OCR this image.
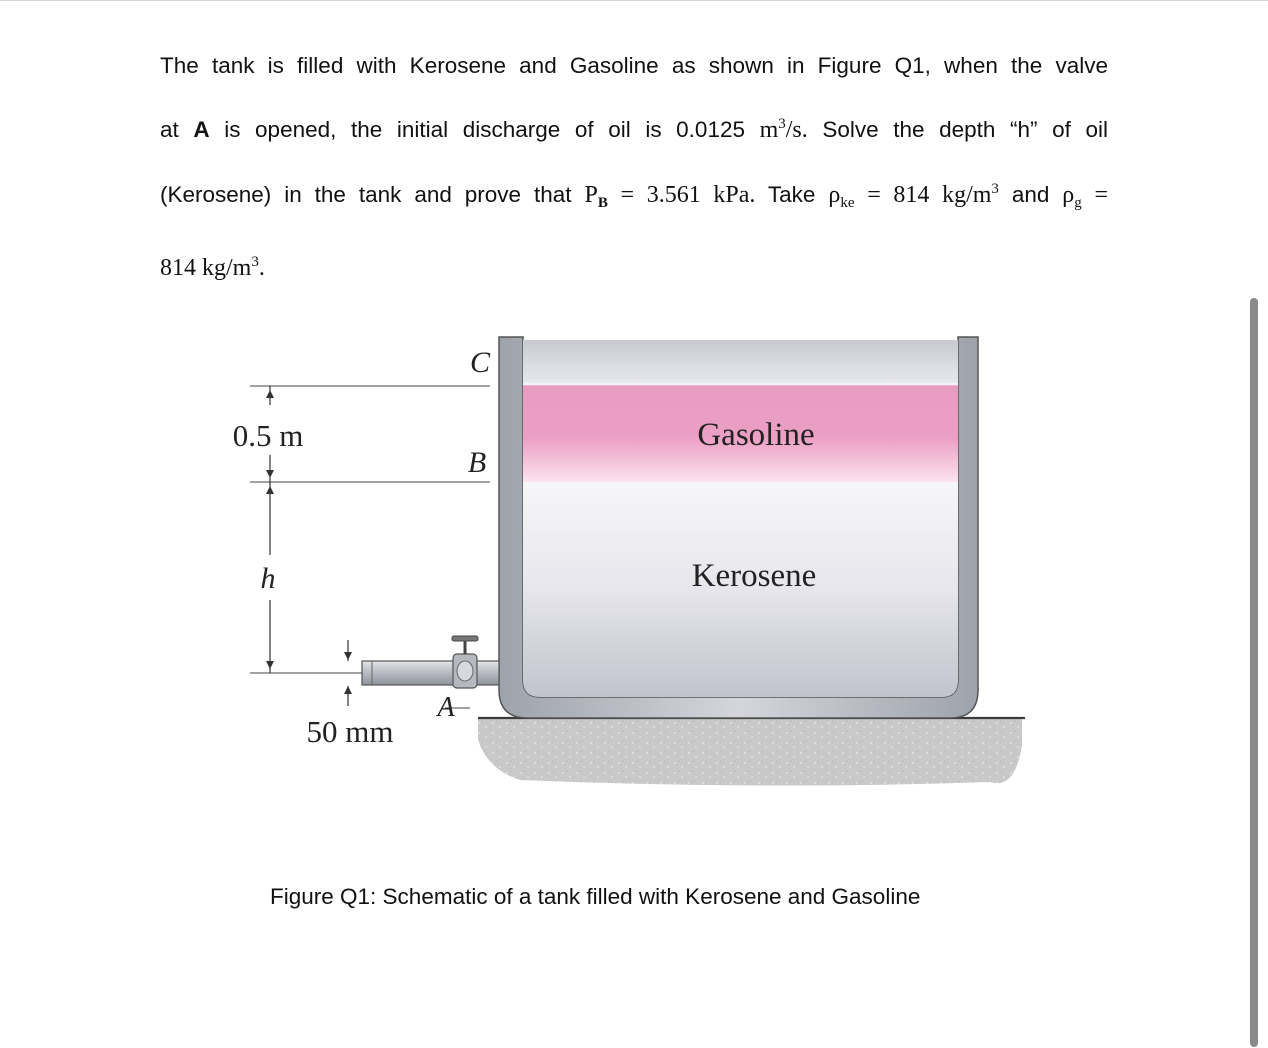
The tank is filled with Kerosene and Gasoline as shown in Figure Q1, when the valve
at A is opened, the initial discharge of oil is 0.0125 $m^3/s$. Solve the depth “h” of oil
(Kerosene) in the tank and prove that $P_B = 3.561$ kPa. Take $\rho_{ke} = 814$ $kg/m^3$ and $\rho_g$ =
814 $kg/m^3$.
C
B
A
h
0.5 m
50 mm
Gasoline
Kerosene
Figure Q1: Schematic of a tank filled with Kerosene and Gasoline
